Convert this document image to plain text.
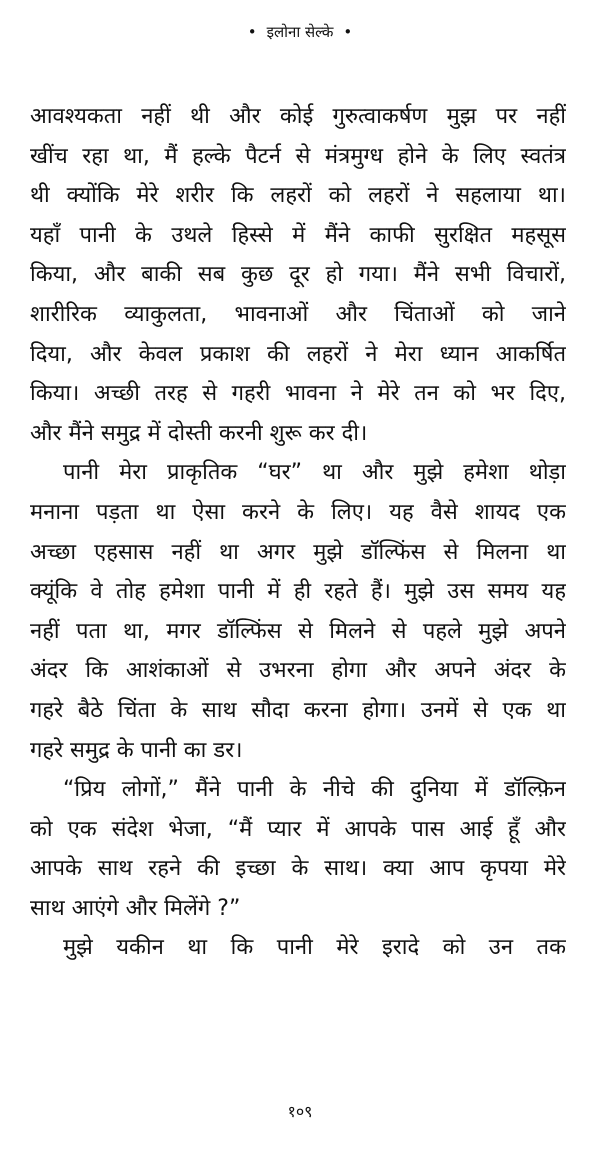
• इलोना सेल्के •
आवश्यकता नहीं थी और कोई गुरुत्वाकर्षण मुझ पर नहीं
खींच रहा था, मैं हल्के पैटर्न से मंत्रमुग्ध होने के लिए स्वतंत्र
थी क्योंकि मेरे शरीर कि लहरों को लहरों ने सहलाया था।
यहाँ पानी के उथले हिस्से में मैंने काफी सुरक्षित महसूस
किया, और बाकी सब कुछ दूर हो गया। मैंने सभी विचारों,
शारीरिक व्याकुलता, भावनाओं और चिंताओं को जाने
दिया, और केवल प्रकाश की लहरों ने मेरा ध्यान आकर्षित
किया। अच्छी तरह से गहरी भावना ने मेरे तन को भर दिए,
और मैंने समुद्र में दोस्ती करनी शुरू कर दी।
पानी मेरा प्राकृतिक “घर” था और मुझे हमेशा थोड़ा
मनाना पड़ता था ऐसा करने के लिए। यह वैसे शायद एक
अच्छा एहसास नहीं था अगर मुझे डॉल्फिंस से मिलना था
क्यूंकि वे तोह हमेशा पानी में ही रहते हैं। मुझे उस समय यह
नहीं पता था, मगर डॉल्फिंस से मिलने से पहले मुझे अपने
अंदर कि आशंकाओं से उभरना होगा और अपने अंदर के
गहरे बैठे चिंता के साथ सौदा करना होगा। उनमें से एक था
गहरे समुद्र के पानी का डर।
“प्रिय लोगों,” मैंने पानी के नीचे की दुनिया में डॉल्फ़िन
को एक संदेश भेजा, “मैं प्यार में आपके पास आई हूँ और
आपके साथ रहने की इच्छा के साथ। क्या आप कृपया मेरे
साथ आएंगे और मिलेंगे ?”
मुझे यकीन था कि पानी मेरे इरादे को उन तक
१०९
